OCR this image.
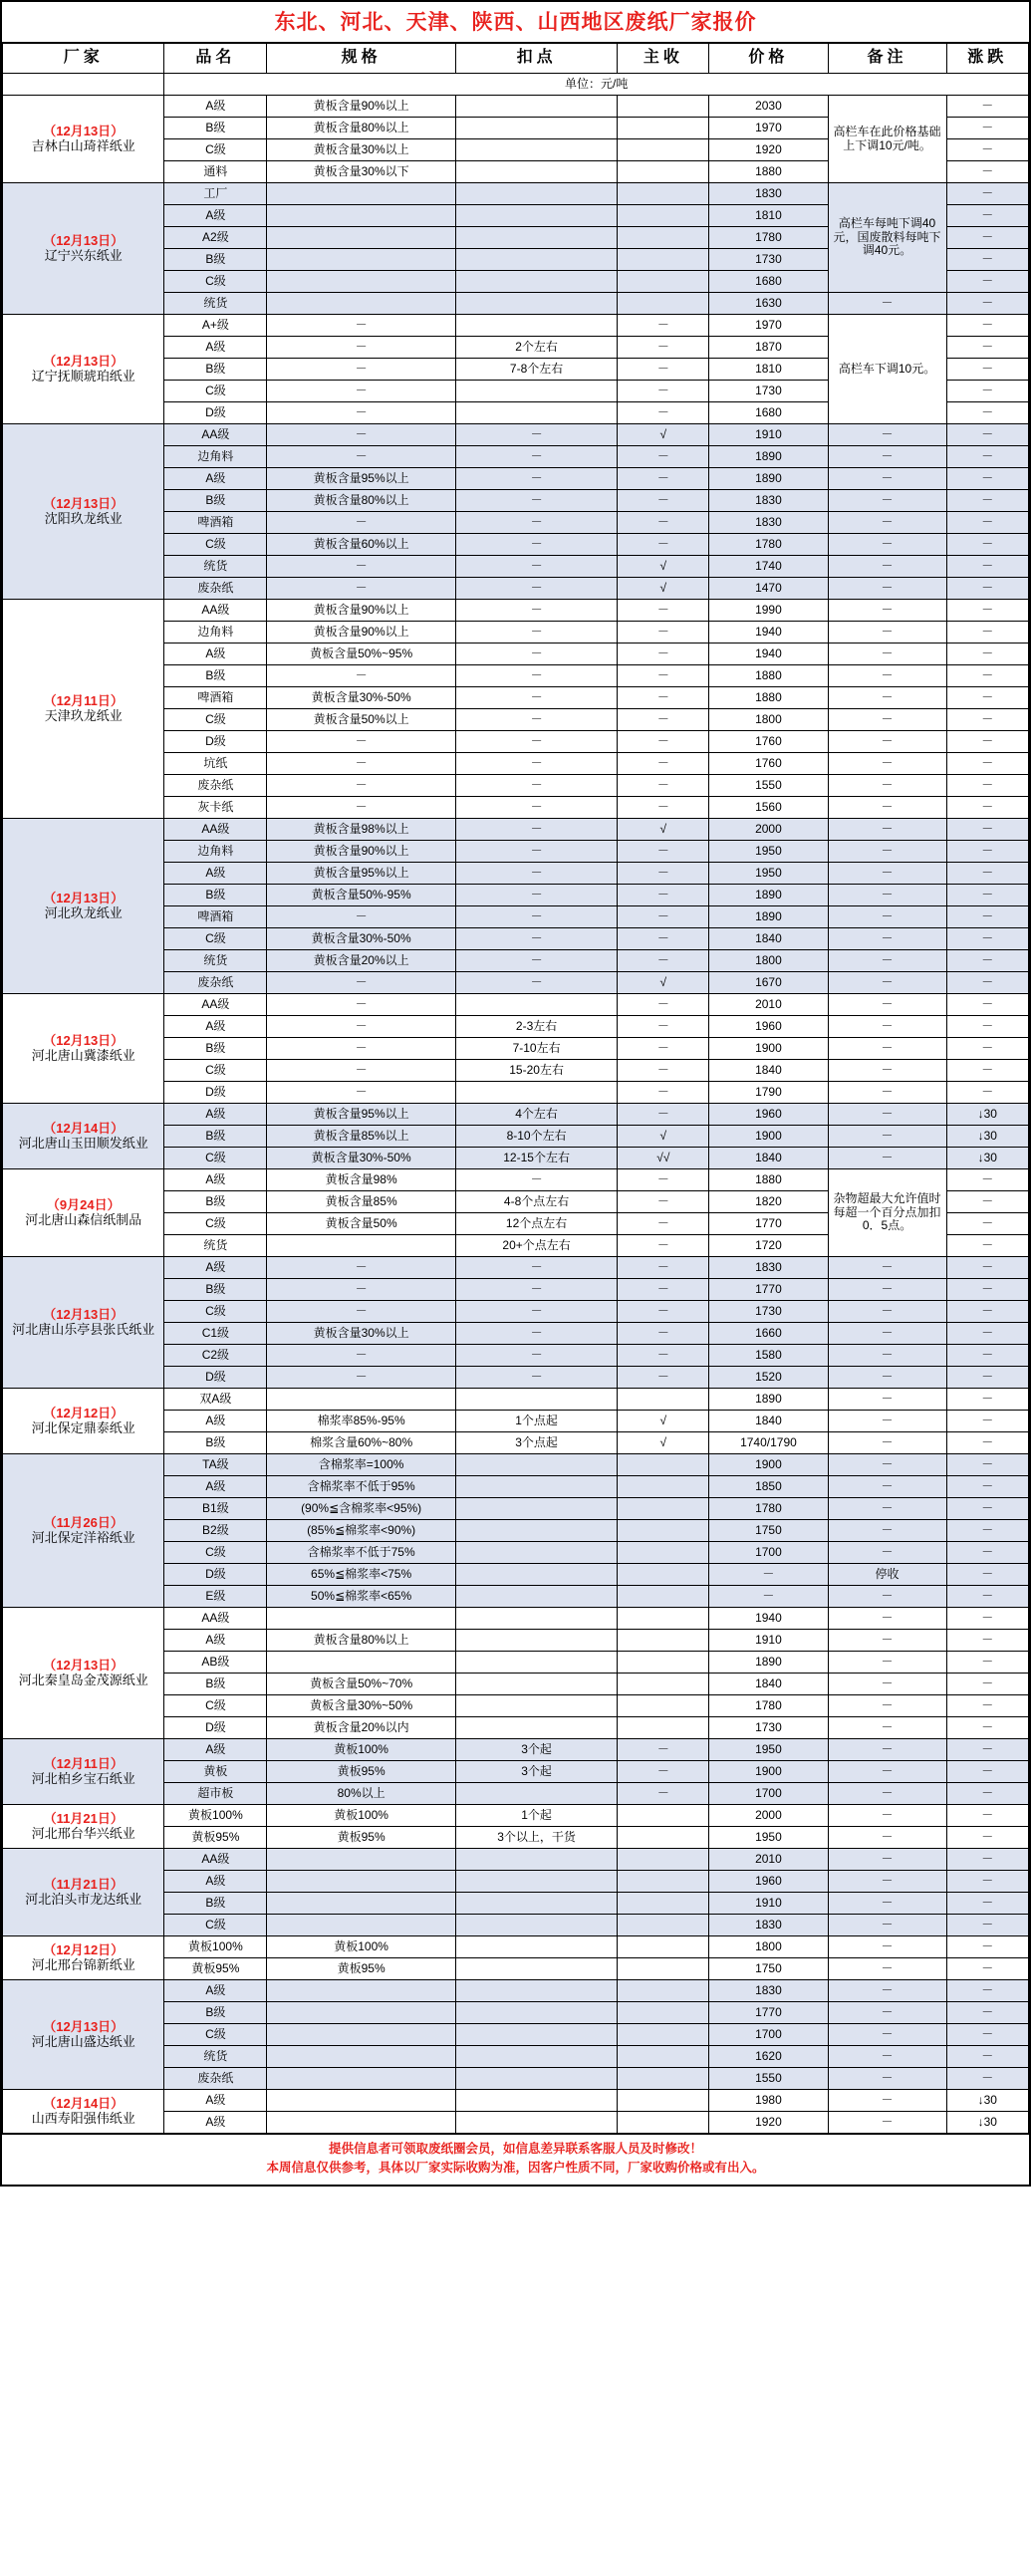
东北、河北、天津、陕西、山西地区废纸厂家报价
厂家	品名	规格	扣点	主收	价格	备注	涨跌
	单位：元/吨						

（12月13日）
吉林白山琦祥纸业	A级	黄板含量90%以上			2030	高栏车在此价格基础上下调10元/吨。	－
	B级	黄板含量80%以上			1970		－
	C级	黄板含量30%以上			1920		－
	通料	黄板含量30%以下			1880		－

（12月13日）
辽宁兴东纸业	工厂				1830	高栏车每吨下调40元，国废散料每吨下调40元。	－
	A级				1810		－
	A2级				1780		－
	B级				1730		－
	C级				1680		－
	统货				1630	－	－

（12月13日）
辽宁抚顺琥珀纸业	A+级	－		－	1970	高栏车下调10元。	－
	A级	－	2个左右	－	1870		－
	B级	－	7-8个左右	－	1810		－
	C级	－		－	1730		－
	D级	－		－	1680		－

（12月13日）
沈阳玖龙纸业	AA级	－	－	√	1910	－	－
	边角料	－	－	－	1890	－	－
	A级	黄板含量95%以上	－	－	1890	－	－
	B级	黄板含量80%以上	－	－	1830	－	－
	啤酒箱	－	－	－	1830	－	－
	C级	黄板含量60%以上	－	－	1780	－	－
	统货	－	－	√	1740	－	－
	废杂纸	－	－	√	1470	－	－

（12月11日）
天津玖龙纸业	AA级	黄板含量90%以上	－	－	1990	－	－
	边角料	黄板含量90%以上	－	－	1940	－	－
	A级	黄板含量50%~95%	－	－	1940	－	－
	B级	－	－	－	1880	－	－
	啤酒箱	黄板含量30%-50%	－	－	1880	－	－
	C级	黄板含量50%以上	－	－	1800	－	－
	D级	－	－	－	1760	－	－
	坑纸	－	－	－	1760	－	－
	废杂纸	－	－	－	1550	－	－
	灰卡纸	－	－	－	1560	－	－

（12月13日）
河北玖龙纸业	AA级	黄板含量98%以上	－	√	2000	－	－
	边角料	黄板含量90%以上	－	－	1950	－	－
	A级	黄板含量95%以上	－	－	1950	－	－
	B级	黄板含量50%-95%	－	－	1890	－	－
	啤酒箱	－	－	－	1890	－	－
	C级	黄板含量30%-50%	－	－	1840	－	－
	统货	黄板含量20%以上	－	－	1800	－	－
	废杂纸	－	－	√	1670	－	－

（12月13日）
河北唐山冀漆纸业	AA级	－		－	2010	－	－
	A级	－	2-3左右	－	1960	－	－
	B级	－	7-10左右	－	1900	－	－
	C级	－	15-20左右	－	1840	－	－
	D级	－		－	1790	－	－

（12月14日）
河北唐山玉田顺发纸业	A级	黄板含量95%以上	4个左右	－	1960	－	↓30
	B级	黄板含量85%以上	8-10个左右	√	1900	－	↓30
	C级	黄板含量30%-50%	12-15个左右	√√	1840	－	↓30

（9月24日）
河北唐山森信纸制品	A级	黄板含量98%	－	－	1880	杂物超最大允许值时每超一个百分点加扣0．5点。	－
	B级	黄板含量85%	4-8个点左右	－	1820		－
	C级	黄板含量50%	12个点左右	－	1770		－
	统货		20+个点左右	－	1720		－

（12月13日）
河北唐山乐亭县张氏纸业	A级	－	－	－	1830	－	－
	B级	－	－	－	1770	－	－
	C级	－	－	－	1730	－	－
	C1级	黄板含量30%以上	－	－	1660	－	－
	C2级	－	－	－	1580	－	－
	D级	－	－	－	1520	－	－

（12月12日）
河北保定鼎泰纸业	双A级				1890	－	－
	A级	棉浆率85%-95%	1个点起	√	1840	－	－
	B级	棉浆含量60%~80%	3个点起	√	1740/1790	－	－

（11月26日）
河北保定洋裕纸业	TA级	含棉浆率=100%			1900	－	－
	A级	含棉浆率不低于95%			1850	－	－
	B1级	(90%≦含棉浆率<95%)			1780	－	－
	B2级	(85%≦棉浆率<90%)			1750	－	－
	C级	含棉浆率不低于75%			1700	－	－
	D级	65%≦棉浆率<75%			－	停收	－
	E级	50%≦棉浆率<65%			－	－	－

（12月13日）
河北秦皇岛金茂源纸业	AA级				1940	－	－
	A级	黄板含量80%以上			1910	－	－
	AB级				1890	－	－
	B级	黄板含量50%~70%			1840	－	－
	C级	黄板含量30%~50%			1780	－	－
	D级	黄板含量20%以内			1730	－	－

（12月11日）
河北柏乡宝石纸业	A级	黄板100%	3个起	－	1950	－	－
	黄板	黄板95%	3个起	－	1900	－	－
	超市板	80%以上		－	1700	－	－

（11月21日）
河北邢台华兴纸业	黄板100%	黄板100%	1个起		2000	－	－
	黄板95%	黄板95%	3个以上，干货		1950	－	－

（11月21日）
河北泊头市龙达纸业	AA级				2010	－	－
	A级				1960	－	－
	B级				1910	－	－
	C级				1830	－	－

（12月12日）
河北邢台锦新纸业	黄板100%	黄板100%			1800	－	－
	黄板95%	黄板95%			1750	－	－

（12月13日）
河北唐山盛达纸业	A级				1830	－	－
	B级				1770	－	－
	C级				1700	－	－
	统货				1620	－	－
	废杂纸				1550	－	－

（12月14日）
山西寿阳强伟纸业	A级				1980	－	↓30
	A级				1920	－	↓30
提供信息者可领取废纸圈会员，如信息差异联系客服人员及时修改！
本周信息仅供参考，具体以厂家实际收购为准，因客户性质不同，厂家收购价格或有出入。
